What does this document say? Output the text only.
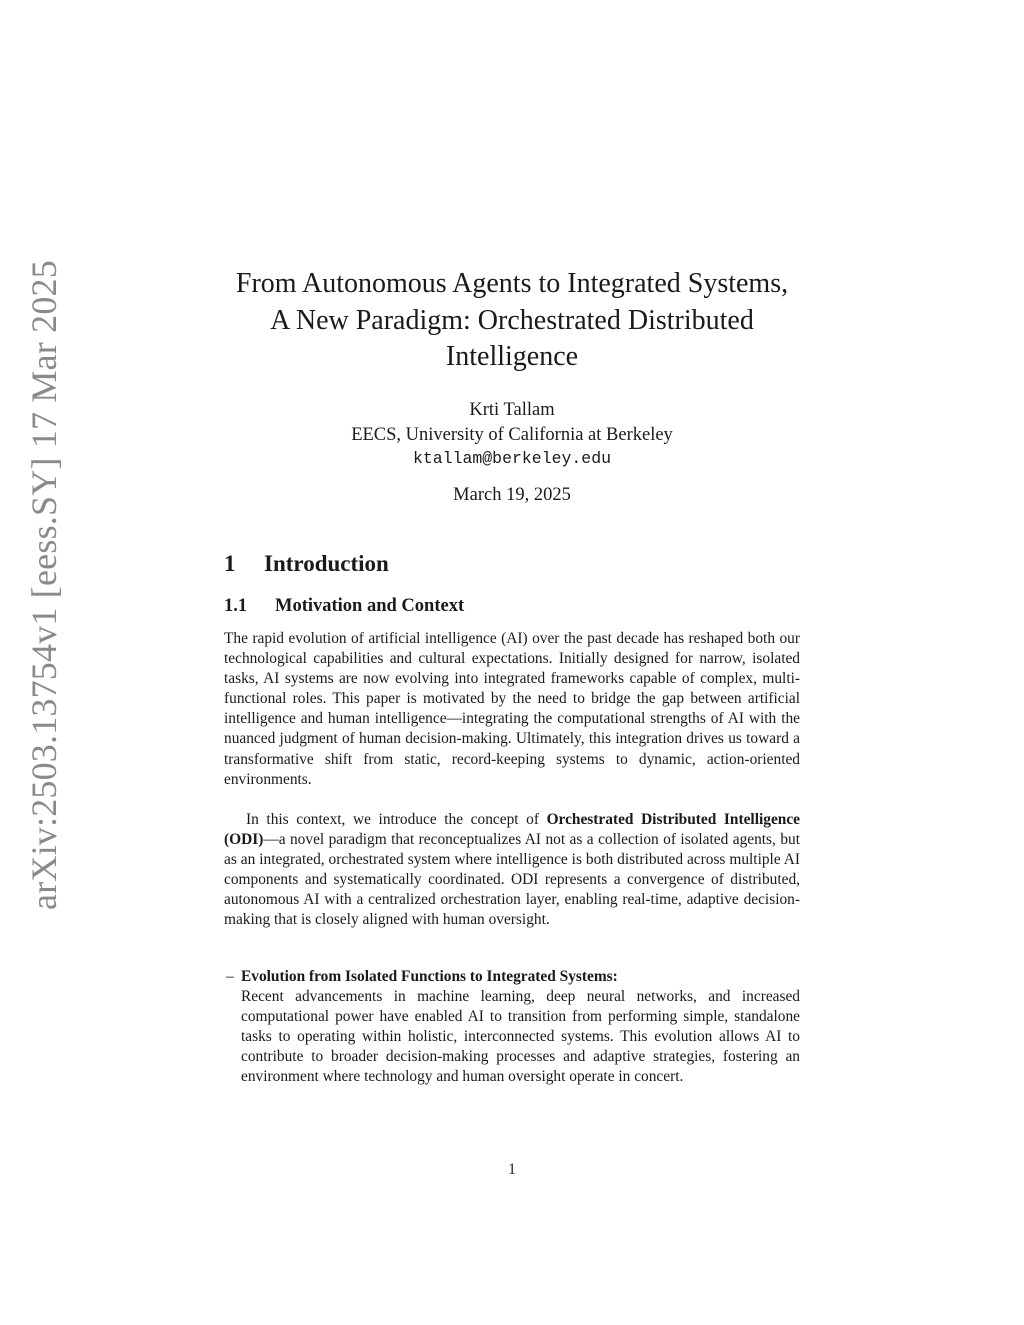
arXiv:2503.13754v1 [eess.SY] 17 Mar 2025	From Autonomous Agents to Integrated Systems,
A New Paradigm: Orchestrated Distributed
Intelligence
Krti Tallam
EECS, University of California at Berkeley
ktallam@berkeley.edu
March 19, 2025
1 Introduction
1.1 Motivation and Context

The rapid evolution of artificial intelligence (AI) over the past decade has reshaped both our technological capabilities and cultural expectations. Initially designed for narrow, isolated tasks, AI systems are now evolving into integrated frameworks capable of complex, multi-functional roles. This paper is motivated by the need to bridge the gap between artificial intelligence and human intelligence—integrating the computational strengths of AI with the nuanced judgment of human decision-making. Ultimately, this integration drives us toward a transformative shift from static, record-keeping systems to dynamic, action-oriented environments.

In this context, we introduce the concept of Orchestrated Distributed Intelligence (ODI)—a novel paradigm that reconceptualizes AI not as a collection of isolated agents, but as an integrated, orchestrated system where intelligence is both distributed across multiple AI components and systematically coordinated. ODI represents a convergence of distributed, autonomous AI with a centralized orchestration layer, enabling real-time, adaptive decision-making that is closely aligned with human oversight.

– Evolution from Isolated Functions to Integrated Systems:

Recent advancements in machine learning, deep neural networks, and increased computational power have enabled AI to transition from performing simple, standalone tasks to operating within holistic, interconnected systems. This evolution allows AI to contribute to broader decision-making processes and adaptive strategies, fostering an environment where technology and human oversight operate in concert.

1
